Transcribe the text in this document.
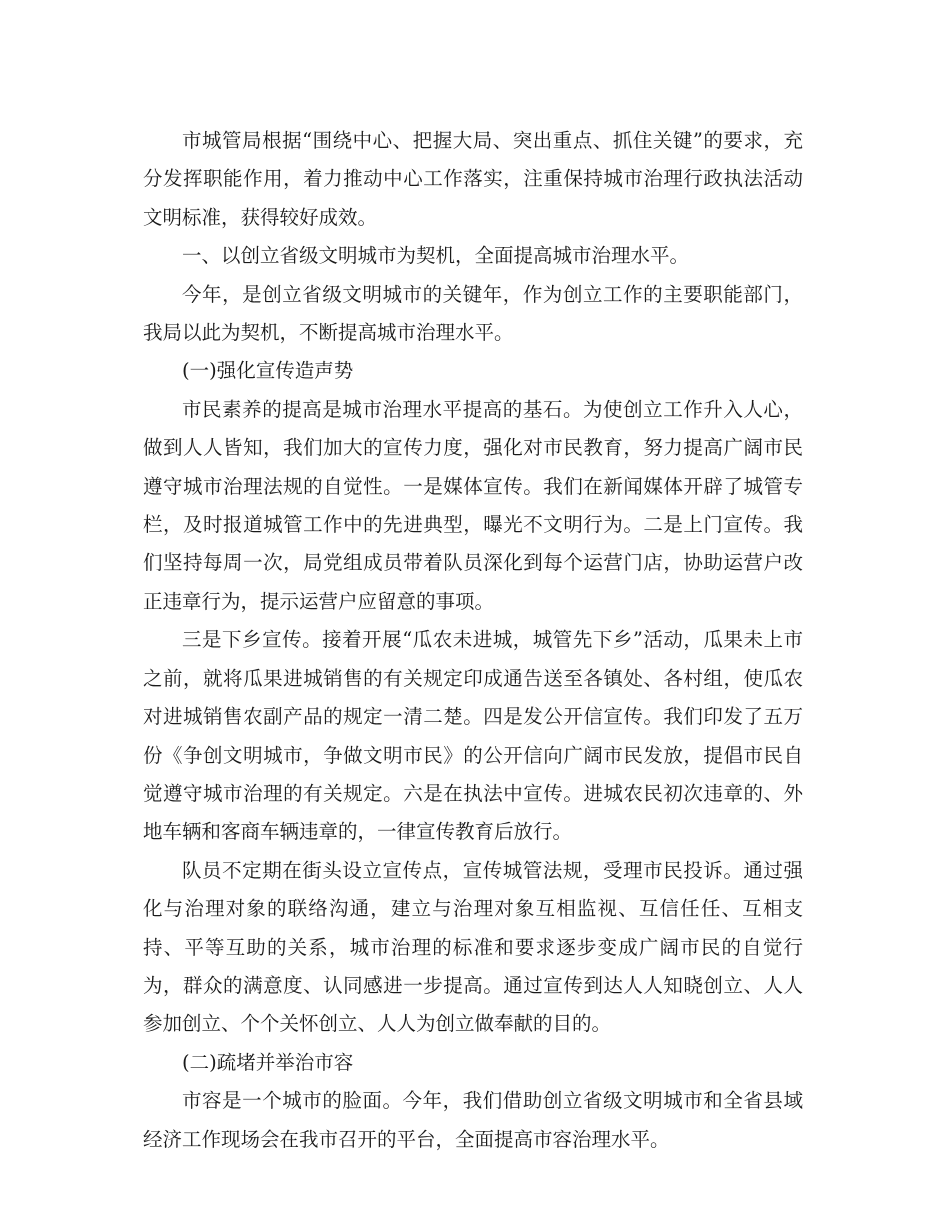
市城管局根据“围绕中心、把握大局、突出重点、抓住关键”的要求，充分发挥职能作用，着力推动中心工作落实，注重保持城市治理行政执法活动文明标准，获得较好成效。

一、以创立省级文明城市为契机，全面提高城市治理水平。

今年，是创立省级文明城市的关键年，作为创立工作的主要职能部门，我局以此为契机，不断提高城市治理水平。

(一)强化宣传造声势

市民素养的提高是城市治理水平提高的基石。为使创立工作升入人心，做到人人皆知，我们加大的宣传力度，强化对市民教育，努力提高广阔市民遵守城市治理法规的自觉性。一是媒体宣传。我们在新闻媒体开辟了城管专栏，及时报道城管工作中的先进典型，曝光不文明行为。二是上门宣传。我们坚持每周一次，局党组成员带着队员深化到每个运营门店，协助运营户改正违章行为，提示运营户应留意的事项。

三是下乡宣传。接着开展“瓜农未进城，城管先下乡”活动，瓜果未上市之前，就将瓜果进城销售的有关规定印成通告送至各镇处、各村组，使瓜农对进城销售农副产品的规定一清二楚。四是发公开信宣传。我们印发了五万份《争创文明城市，争做文明市民》的公开信向广阔市民发放，提倡市民自觉遵守城市治理的有关规定。六是在执法中宣传。进城农民初次违章的、外地车辆和客商车辆违章的，一律宣传教育后放行。

队员不定期在街头设立宣传点，宣传城管法规，受理市民投诉。通过强化与治理对象的联络沟通，建立与治理对象互相监视、互信任任、互相支持、平等互助的关系，城市治理的标准和要求逐步变成广阔市民的自觉行为，群众的满意度、认同感进一步提高。通过宣传到达人人知晓创立、人人参加创立、个个关怀创立、人人为创立做奉献的目的。

(二)疏堵并举治市容

市容是一个城市的脸面。今年，我们借助创立省级文明城市和全省县域经济工作现场会在我市召开的平台，全面提高市容治理水平。
